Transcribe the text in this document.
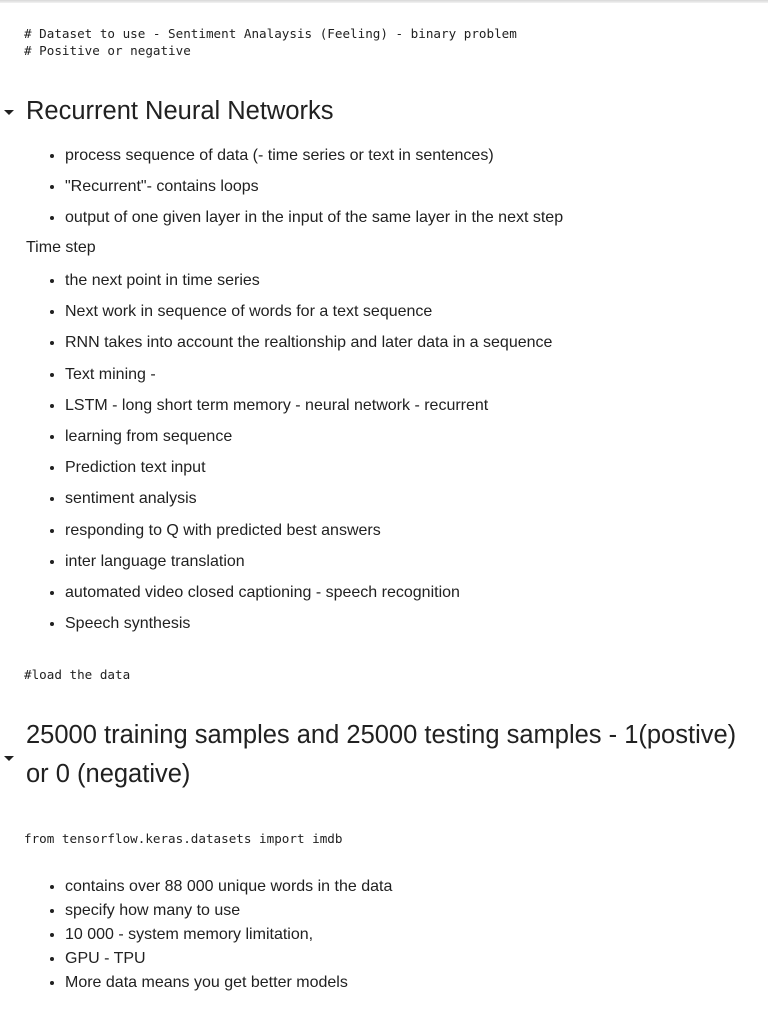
# Dataset to use - Sentiment Analaysis (Feeling) - binary problem
# Positive or negative
Recurrent Neural Networks
• process sequence of data (- time series or text in sentences)
• "Recurrent"- contains loops
• output of one given layer in the input of the same layer in the next step

Time step

• the next point in time series
• Next work in sequence of words for a text sequence
• RNN takes into account the realtionship and later data in a sequence
• Text mining -
• LSTM - long short term memory - neural network - recurrent
• learning from sequence
• Prediction text input
• sentiment analysis
• responding to Q with predicted best answers
• inter language translation
• automated video closed captioning - speech recognition
• Speech synthesis
#load the data
25000 training samples and 25000 testing samples - 1(postive) or 0 (negative)
from tensorflow.keras.datasets import imdb
• contains over 88 000 unique words in the data
• specify how many to use
• 10 000 - system memory limitation,
• GPU - TPU
• More data means you get better models
